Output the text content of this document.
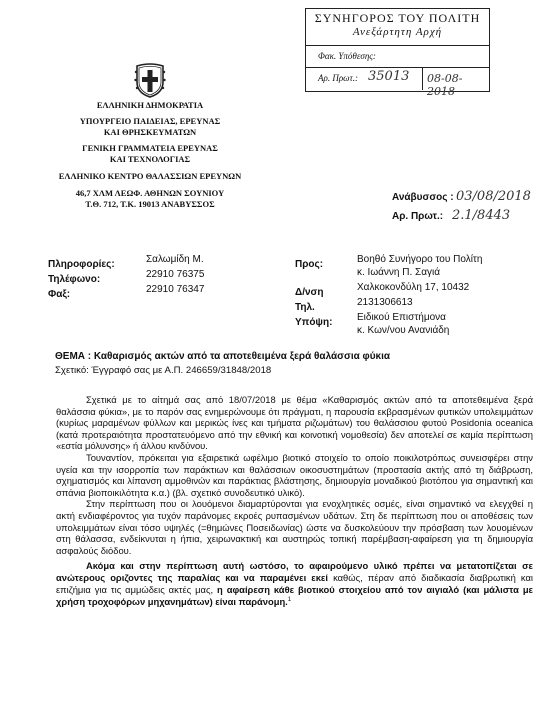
ΣΥΝΗΓΟΡΟΣ ΤΟΥ ΠΟΛΙΤΗ
Ανεξάρτητη Αρχή
Φακ. Υπόθεσης:
Αρ. Πρωτ.: 35013 08-08-2018
ΕΛΛΗΝΙΚΗ ΔΗΜΟΚΡΑΤΙΑ
ΥΠΟΥΡΓΕΙΟ ΠΑΙΔΕΙΑΣ, ΕΡΕΥΝΑΣ
ΚΑΙ ΘΡΗΣΚΕΥΜΑΤΩΝ
ΓΕΝΙΚΗ ΓΡΑΜΜΑΤΕΙΑ ΕΡΕΥΝΑΣ
ΚΑΙ ΤΕΧΝΟΛΟΓΙΑΣ
ΕΛΛΗΝΙΚΟ ΚΕΝΤΡΟ ΘΑΛΑΣΣΙΩΝ ΕΡΕΥΝΩΝ
46,7 ΧΛΜ ΛΕΩΦ. ΑΘΗΝΩΝ ΣΟΥΝΙΟΥ
Τ.Θ. 712, Τ.Κ. 19013 ΑΝΑΒΥΣΣΟΣ
Ανάβυσσος : 03/08/2018
Αρ. Πρωτ.: 2.1/8443
Πληροφορίες:	Σαλωμίδη Μ.
Τηλέφωνο:	22910 76375
Φαξ:	22910 76347
Προς:	Βοηθό Συνήγορο του Πολίτη
κ. Ιωάννη Π. Σαγιά
Δ/νση	Χαλκοκονδύλη 17, 10432
Τηλ.	2131306613
Υπόψη: Ειδικού Επιστήμονα
κ. Κων/νου Ανανιάδη
ΘΕΜΑ : Καθαρισμός ακτών από τα αποτεθειμένα ξερά θαλάσσια φύκια
Σχετικό: Έγγραφό σας με Α.Π. 246659/31848/2018

Σχετικά με το αίτημά σας από 18/07/2018 με θέμα «Καθαρισμός ακτών από τα αποτεθειμένα ξερά θαλάσσια φύκια», με το παρόν σας ενημερώνουμε ότι πράγματι, η παρουσία εκβρασμένων φυτικών υπολειμμάτων (κυρίως μαραμένων φύλλων και μερικώς ίνες και τμήματα ριζωμάτων) του θαλάσσιου φυτού Posidonia oceanica (κατά προτεραιότητα προστατευόμενο από την εθνική και κοινοτική νομοθεσία) δεν αποτελεί σε καμία περίπτωση «εστία μόλυνσης» ή άλλου κινδύνου.

Τουναντίον, πρόκειται για εξαιρετικά ωφέλιμο βιοτικό στοιχείο το οποίο ποικιλοτρόπως συνεισφέρει στην υγεία και την ισορροπία των παράκτιων και θαλάσσιων οικοσυστημάτων (προστασία ακτής από τη διάβρωση, σχηματισμός και λίπανση αμμοθινών και παράκτιας βλάστησης, δημιουργία μοναδικού βιοτόπου για σημαντική και σπάνια βιοποικιλότητα κ.α.) (βλ. σχετικό συνοδευτικό υλικό).

Στην περίπτωση που οι λουόμενοι διαμαρτύρονται για ενοχλητικές οσμές, είναι σημαντικό να ελεγχθεί η ακτή ενδιαφέροντος για τυχόν παράνομες εκροές ρυπασμένων υδάτων. Στη δε περίπτωση που οι αποθέσεις των υπολειμμάτων είναι τόσο υψηλές (=θημώνες Ποσειδωνίας) ώστε να δυσκολεύουν την πρόσβαση των λουομένων στη θάλασσα, ενδείκνυται η ήπια, χειρωνακτική και αυστηρώς τοπική παρέμβαση-αφαίρεση για τη δημιουργία ασφαλούς διόδου.

Ακόμα και στην περίπτωση αυτή ωστόσο, το αφαιρούμενο υλικό πρέπει να μετατοπίζεται σε ανώτερους οριζοντες της παραλίας και να παραμένει εκεί καθώς, πέραν από διαδικασία διαβρωτική και επιζήμια για τις αμμώδεις ακτές μας, η αφαίρεση κάθε βιοτικού στοιχείου από τον αιγιαλό (και μάλιστα με χρήση τροχοφόρων μηχανημάτων) είναι παράνομη.$^1$
